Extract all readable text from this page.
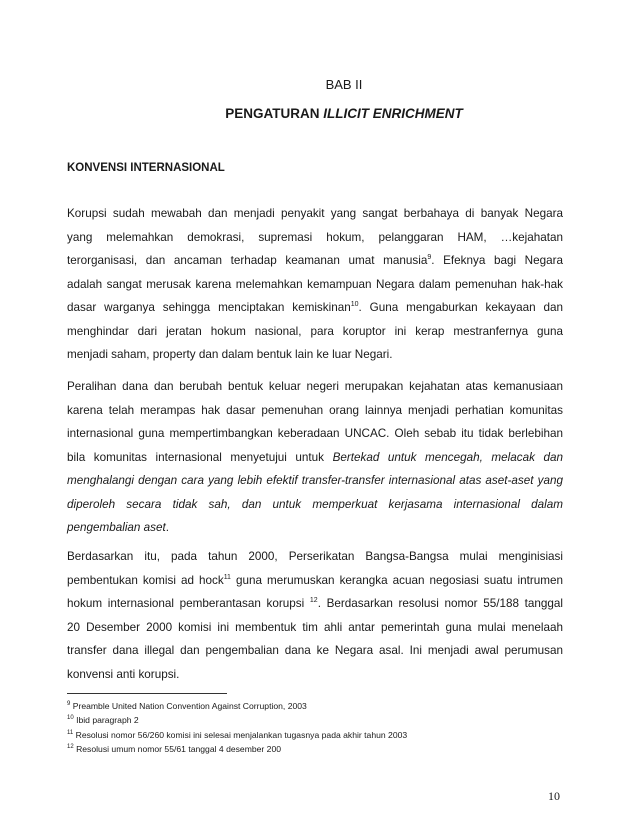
BAB II
PENGATURAN ILLICIT ENRICHMENT
KONVENSI INTERNASIONAL
Korupsi sudah mewabah dan menjadi penyakit yang sangat berbahaya di banyak Negara
yang melemahkan demokrasi, supremasi hokum, pelanggaran HAM, …kejahatan
terorganisasi, dan ancaman terhadap keamanan umat manusia$^9$. Efeknya bagi Negara
adalah sangat merusak karena melemahkan kemampuan Negara dalam pemenuhan hak-hak
dasar warganya sehingga menciptakan kemiskinan$^{10}$. Guna mengaburkan kekayaan dan
menghindar dari jeratan hokum nasional, para koruptor ini kerap mestranfernya guna
menjadi saham, property dan dalam bentuk lain ke luar Negari.
Peralihan dana dan berubah bentuk keluar negeri merupakan kejahatan atas kemanusiaan
karena telah merampas hak dasar pemenuhan orang lainnya menjadi perhatian komunitas
internasional guna mempertimbangkan keberadaan UNCAC. Oleh sebab itu tidak berlebihan
bila komunitas internasional menyetujui untuk Bertekad untuk mencegah, melacak dan
menghalangi dengan cara yang lebih efektif transfer-transfer internasional atas aset-aset yang
diperoleh secara tidak sah, dan untuk memperkuat kerjasama internasional dalam
pengembalian aset.
Berdasarkan itu, pada tahun 2000, Perserikatan Bangsa-Bangsa mulai menginisiasi
pembentukan komisi ad hock$^{11}$ guna merumuskan kerangka acuan negosiasi suatu intrumen
hokum internasional pemberantasan korupsi $^{12}$. Berdasarkan resolusi nomor 55/188 tanggal
20 Desember 2000 komisi ini membentuk tim ahli antar pemerintah guna mulai menelaah
transfer dana illegal dan pengembalian dana ke Negara asal. Ini menjadi awal perumusan
konvensi anti korupsi.
$^9$ Preamble United Nation Convention Against Corruption, 2003
$^{10}$ Ibid paragraph 2
$^{11}$ Resolusi nomor 56/260 komisi ini selesai menjalankan tugasnya pada akhir tahun 2003
$^{12}$ Resolusi umum nomor 55/61 tanggal 4 desember 200
10
